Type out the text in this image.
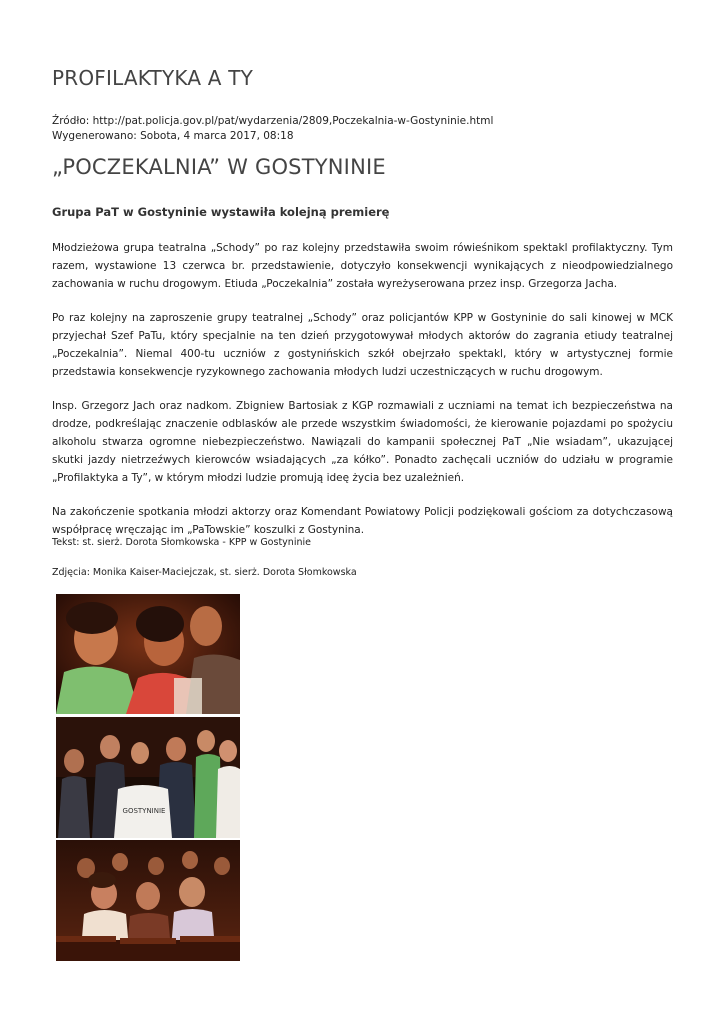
PROFILAKTYKA A TY
Źródło: http://pat.policja.gov.pl/pat/wydarzenia/2809,Poczekalnia-w-Gostyninie.html
Wygenerowano: Sobota, 4 marca 2017, 08:18
„POCZEKALNIA” W GOSTYNINIE
Grupa PaT w Gostyninie wystawiła kolejną premierę

Młodzieżowa grupa teatralna „Schody” po raz kolejny przedstawiła swoim rówieśnikom spektakl profilaktyczny. Tym razem, wystawione 13 czerwca br. przedstawienie, dotyczyło konsekwencji wynikających z nieodpowiedzialnego zachowania w ruchu drogowym. Etiuda „Poczekalnia” została wyreżyserowana przez insp. Grzegorza Jacha.

Po raz kolejny na zaproszenie grupy teatralnej „Schody” oraz policjantów KPP w Gostyninie do sali kinowej w MCK przyjechał Szef PaTu, który specjalnie na ten dzień przygotowywał młodych aktorów do zagrania etiudy teatralnej „Poczekalnia”. Niemal 400-tu uczniów z gostynińskich szkół obejrzało spektakl, który w artystycznej formie przedstawia konsekwencje ryzykownego zachowania młodych ludzi uczestniczących w ruchu drogowym.

Insp. Grzegorz Jach oraz nadkom. Zbigniew Bartosiak z KGP rozmawiali z uczniami na temat ich bezpieczeństwa na drodze, podkreślając znaczenie odblasków ale przede wszystkim świadomości, że kierowanie pojazdami po spożyciu alkoholu stwarza ogromne niebezpieczeństwo. Nawiązali do kampanii społecznej PaT „Nie wsiadam”, ukazującej skutki jazdy nietrzeźwych kierowców wsiadających „za kółko”. Ponadto zachęcali uczniów do udziału w programie „Profilaktyka a Ty”, w którym młodzi ludzie promują ideę życia bez uzależnień.

Na zakończenie spotkania młodzi aktorzy oraz Komendant Powiatowy Policji podziękowali gościom za dotychczasową współpracę wręczając im „PaTowskie” koszulki z Gostynina.

Tekst: st. sierż. Dorota Słomkowska - KPP w Gostyninie

Zdjęcia: Monika Kaiser-Maciejczak, st. sierż. Dorota Słomkowska

GOSTYNINIE
